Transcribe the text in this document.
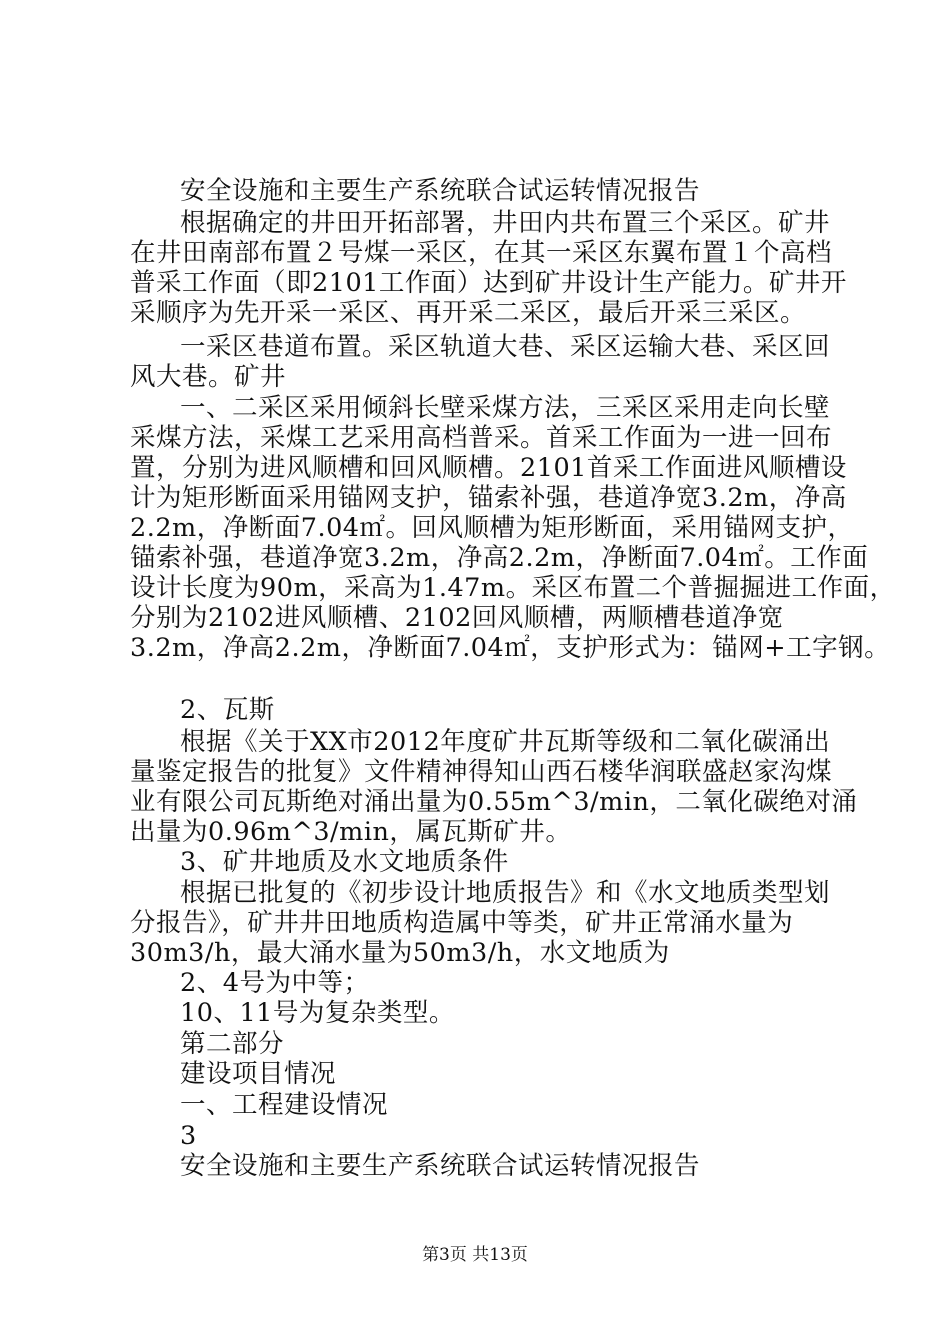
安全设施和主要生产系统联合试运转情况报告
根据确定的井田开拓部署，井田内共布置三个采区。矿井
在井田南部布置２号煤一采区，在其一采区东翼布置１个高档
普采工作面（即2101工作面）达到矿井设计生产能力。矿井开
采顺序为先开采一采区、再开采二采区，最后开采三采区。
一采区巷道布置。采区轨道大巷、采区运输大巷、采区回
风大巷。矿井
一、二采区采用倾斜长壁采煤方法，三采区采用走向长壁
采煤方法，采煤工艺采用高档普采。首采工作面为一进一回布
置，分别为进风顺槽和回风顺槽。2101首采工作面进风顺槽设
计为矩形断面采用锚网支护，锚索补强，巷道净宽3.2m，净高
2.2m，净断面7.04㎡。回风顺槽为矩形断面，采用锚网支护，
锚索补强，巷道净宽3.2m，净高2.2m，净断面7.04㎡。工作面
设计长度为90m，采高为1.47m。采区布置二个普掘掘进工作面，
分别为2102进风顺槽、2102回风顺槽，两顺槽巷道净宽
3.2m，净高2.2m，净断面7.04㎡，支护形式为：锚网+工字钢。
2、瓦斯
根据《关于XX市2012年度矿井瓦斯等级和二氧化碳涌出
量鉴定报告的批复》文件精神得知山西石楼华润联盛赵家沟煤
业有限公司瓦斯绝对涌出量为0.55m^3/min，二氧化碳绝对涌
出量为0.96m^3/min，属瓦斯矿井。
3、矿井地质及水文地质条件
根据已批复的《初步设计地质报告》和《水文地质类型划
分报告》，矿井井田地质构造属中等类，矿井正常涌水量为
30m3/h，最大涌水量为50m3/h，水文地质为
2、4号为中等；
10、11号为复杂类型。
第二部分
建设项目情况
一、工程建设情况
3
安全设施和主要生产系统联合试运转情况报告
第3页 共13页
